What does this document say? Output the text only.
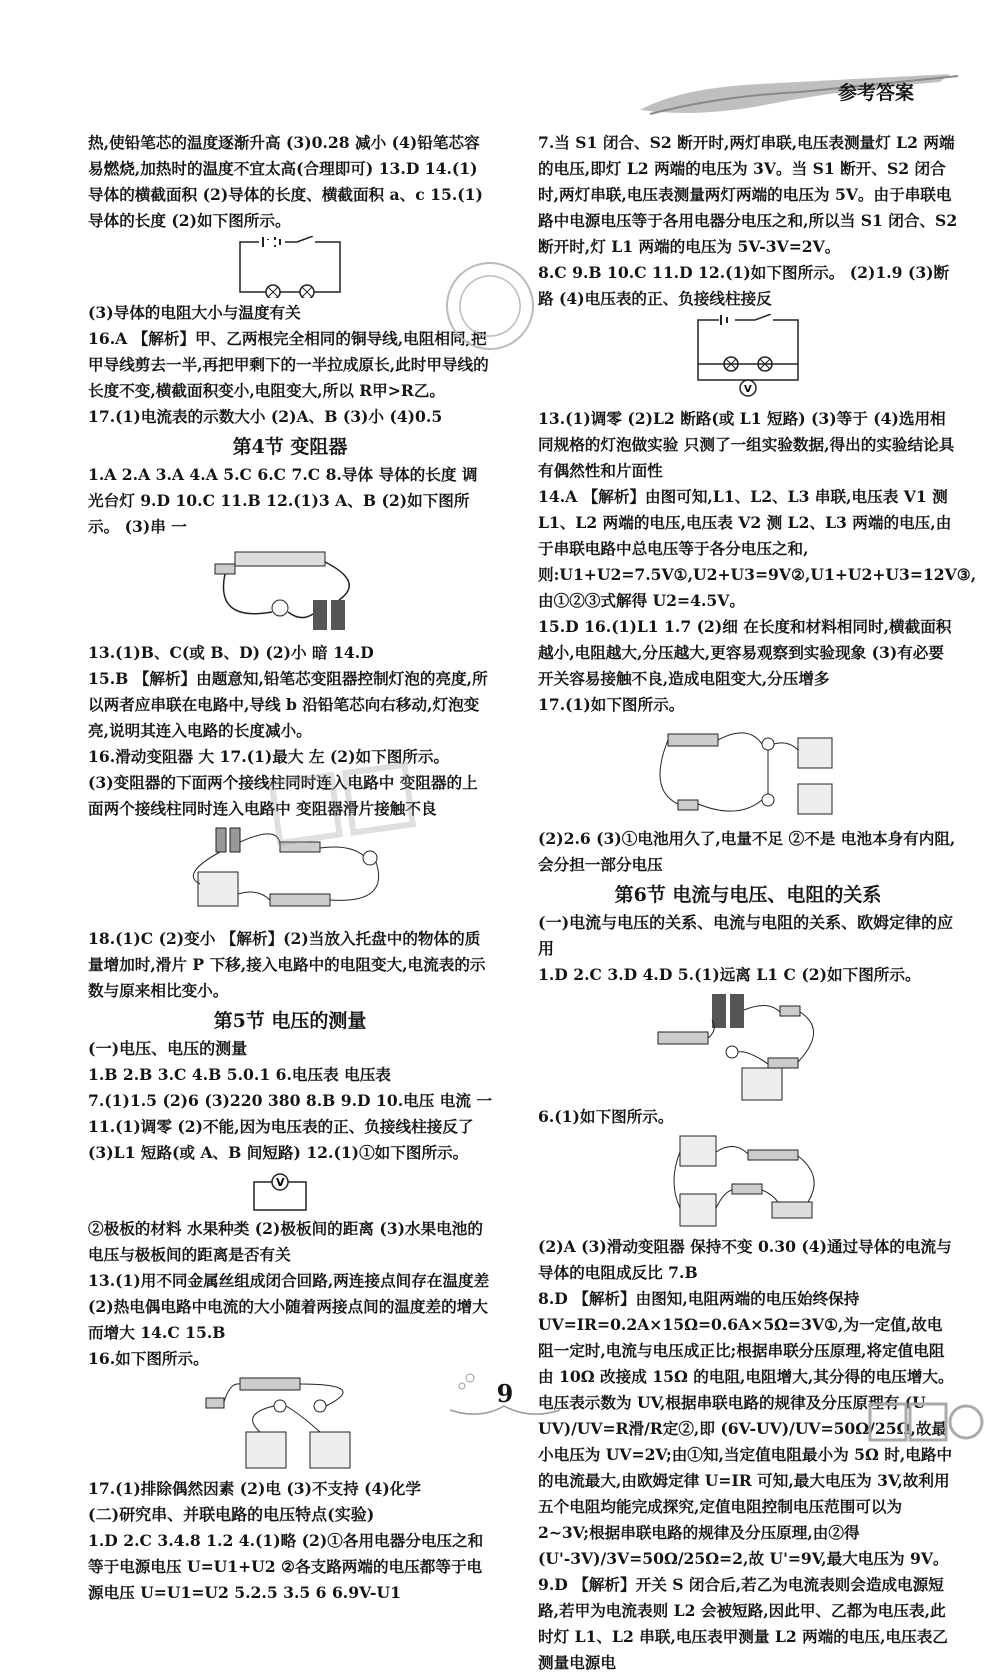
参考答案

热,使铅笔芯的温度逐渐升高 (3)0.28 减小 (4)铅笔芯容易燃烧,加热时的温度不宜太高(合理即可) 13.D 14.(1)导体的横截面积 (2)导体的长度、横截面积 a、c 15.(1)导体的长度 (2)如下图所示。

(3)导体的电阻大小与温度有关

16.A 【解析】甲、乙两根完全相同的铜导线,电阻相同,把甲导线剪去一半,再把甲剩下的一半拉成原长,此时甲导线的长度不变,横截面积变小,电阻变大,所以 R甲>R乙。

17.(1)电流表的示数大小 (2)A、B (3)小 (4)0.5

第4节 变阻器

1.A 2.A 3.A 4.A 5.C 6.C 7.C 8.导体 导体的长度 调光台灯 9.D 10.C 11.B 12.(1)3 A、B (2)如下图所示。 (3)串 一

13.(1)B、C(或 B、D) (2)小 暗 14.D

15.B 【解析】由题意知,铅笔芯变阻器控制灯泡的亮度,所以两者应串联在电路中,导线 b 沿铅笔芯向右移动,灯泡变亮,说明其连入电路的长度减小。

16.滑动变阻器 大 17.(1)最大 左 (2)如下图所示。

(3)变阻器的下面两个接线柱同时连入电路中 变阻器的上面两个接线柱同时连入电路中 变阻器滑片接触不良

18.(1)C (2)变小 【解析】(2)当放入托盘中的物体的质量增加时,滑片 P 下移,接入电路中的电阻变大,电流表的示数与原来相比变小。

第5节 电压的测量
(一)电压、电压的测量

1.B 2.B 3.C 4.B 5.0.1 6.电压表 电压表

7.(1)1.5 (2)6 (3)220 380 8.B 9.D 10.电压 电流 一 11.(1)调零 (2)不能,因为电压表的正、负接线柱接反了 (3)L1 短路(或 A、B 间短路) 12.(1)①如下图所示。

V

②极板的材料 水果种类 (2)极板间的距离 (3)水果电池的电压与极板间的距离是否有关

13.(1)用不同金属丝组成闭合回路,两连接点间存在温度差 (2)热电偶电路中电流的大小随着两接点间的温度差的增大而增大 14.C 15.B

16.如下图所示。

17.(1)排除偶然因素 (2)电 (3)不支持 (4)化学

(二)研究串、并联电路的电压特点(实验)

1.D 2.C 3.4.8 1.2 4.(1)略 (2)①各用电器分电压之和等于电源电压 U=U1+U2 ②各支路两端的电压都等于电源电压 U=U1=U2 5.2.5 3.5 6 6.9V-U1

7.当 S1 闭合、S2 断开时,两灯串联,电压表测量灯 L2 两端的电压,即灯 L2 两端的电压为 3V。当 S1 断开、S2 闭合时,两灯串联,电压表测量两灯两端的电压为 5V。由于串联电路中电源电压等于各用电器分电压之和,所以当 S1 闭合、S2 断开时,灯 L1 两端的电压为 5V-3V=2V。

8.C 9.B 10.C 11.D 12.(1)如下图所示。 (2)1.9 (3)断路 (4)电压表的正、负接线柱接反

V

13.(1)调零 (2)L2 断路(或 L1 短路) (3)等于 (4)选用相同规格的灯泡做实验 只测了一组实验数据,得出的实验结论具有偶然性和片面性

14.A 【解析】由图可知,L1、L2、L3 串联,电压表 V1 测 L1、L2 两端的电压,电压表 V2 测 L2、L3 两端的电压,由于串联电路中总电压等于各分电压之和,则:U1+U2=7.5V①,U2+U3=9V②,U1+U2+U3=12V③,由①②③式解得 U2=4.5V。

15.D 16.(1)L1 1.7 (2)细 在长度和材料相同时,横截面积越小,电阻越大,分压越大,更容易观察到实验现象 (3)有必要 开关容易接触不良,造成电阻变大,分压增多

17.(1)如下图所示。

(2)2.6 (3)①电池用久了,电量不足 ②不是 电池本身有内阻,会分担一部分电压

第6节 电流与电压、电阻的关系
(一)电流与电压的关系、电流与电阻的关系、欧姆定律的应用

1.D 2.C 3.D 4.D 5.(1)远离 L1 C (2)如下图所示。

6.(1)如下图所示。

(2)A (3)滑动变阻器 保持不变 0.30 (4)通过导体的电流与导体的电阻成反比 7.B

8.D 【解析】由图知,电阻两端的电压始终保持 UV=IR=0.2A×15Ω=0.6A×5Ω=3V①,为一定值,故电阻一定时,电流与电压成正比;根据串联分压原理,将定值电阻由 10Ω 改接成 15Ω 的电阻,电阻增大,其分得的电压增大。电压表示数为 UV,根据串联电路的规律及分压原理有 (U-UV)/UV=R滑/R定②,即 (6V-UV)/UV=50Ω/25Ω,故最小电压为 UV=2V;由①知,当定值电阻最小为 5Ω 时,电路中的电流最大,由欧姆定律 U=IR 可知,最大电压为 3V,故利用五个电阻均能完成探究,定值电阻控制电压范围可以为 2~3V;根据串联电路的规律及分压原理,由②得 (U'-3V)/3V=50Ω/25Ω=2,故 U'=9V,最大电压为 9V。

9.D 【解析】开关 S 闭合后,若乙为电流表则会造成电源短路,若甲为电流表则 L2 会被短路,因此甲、乙都为电压表,此时灯 L1、L2 串联,电压表甲测量 L2 两端的电压,电压表乙测量电源电

9
